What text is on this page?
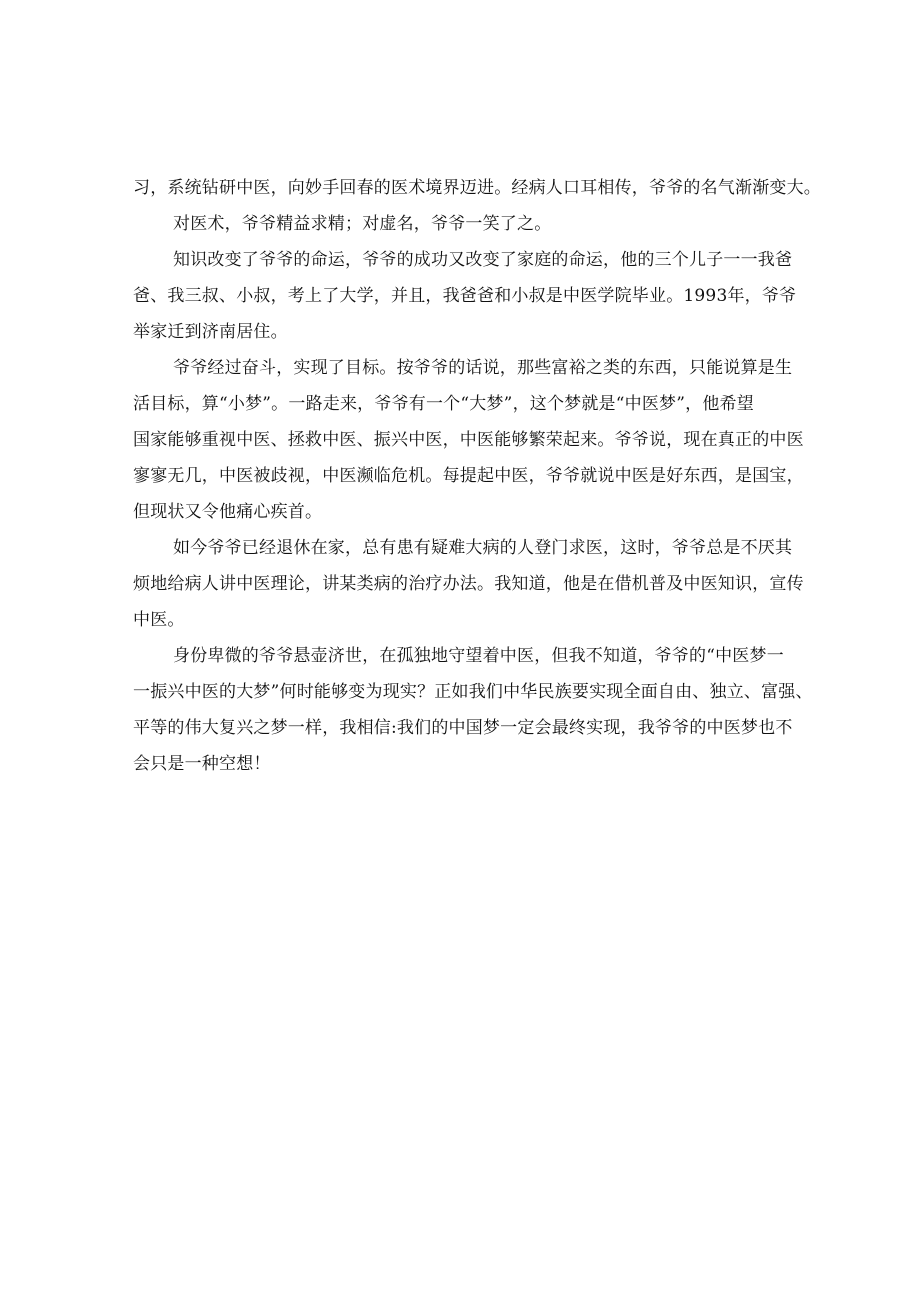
习，系统钻研中医，向妙手回春的医术境界迈进。经病人口耳相传，爷爷的名气渐渐变大。
对医术，爷爷精益求精；对虚名，爷爷一笑了之。
知识改变了爷爷的命运，爷爷的成功又改变了家庭的命运，他的三个儿子一一我爸
爸、我三叔、小叔，考上了大学，并且，我爸爸和小叔是中医学院毕业。1993年，爷爷
举家迁到济南居住。
爷爷经过奋斗，实现了目标。按爷爷的话说，那些富裕之类的东西，只能说算是生
活目标，算“小梦”。一路走来，爷爷有一个“大梦”，这个梦就是“中医梦”，他希望
国家能够重视中医、拯救中医、振兴中医，中医能够繁荣起来。爷爷说，现在真正的中医
寥寥无几，中医被歧视，中医濒临危机。每提起中医，爷爷就说中医是好东西，是国宝，
但现状又令他痛心疾首。
如今爷爷已经退休在家，总有患有疑难大病的人登门求医，这时，爷爷总是不厌其
烦地给病人讲中医理论，讲某类病的治疗办法。我知道，他是在借机普及中医知识，宣传
中医。
身份卑微的爷爷悬壶济世，在孤独地守望着中医，但我不知道，爷爷的“中医梦一
一振兴中医的大梦”何时能够变为现实？正如我们中华民族要实现全面自由、独立、富强、
平等的伟大复兴之梦一样，我相信:我们的中国梦一定会最终实现，我爷爷的中医梦也不
会只是一种空想！
